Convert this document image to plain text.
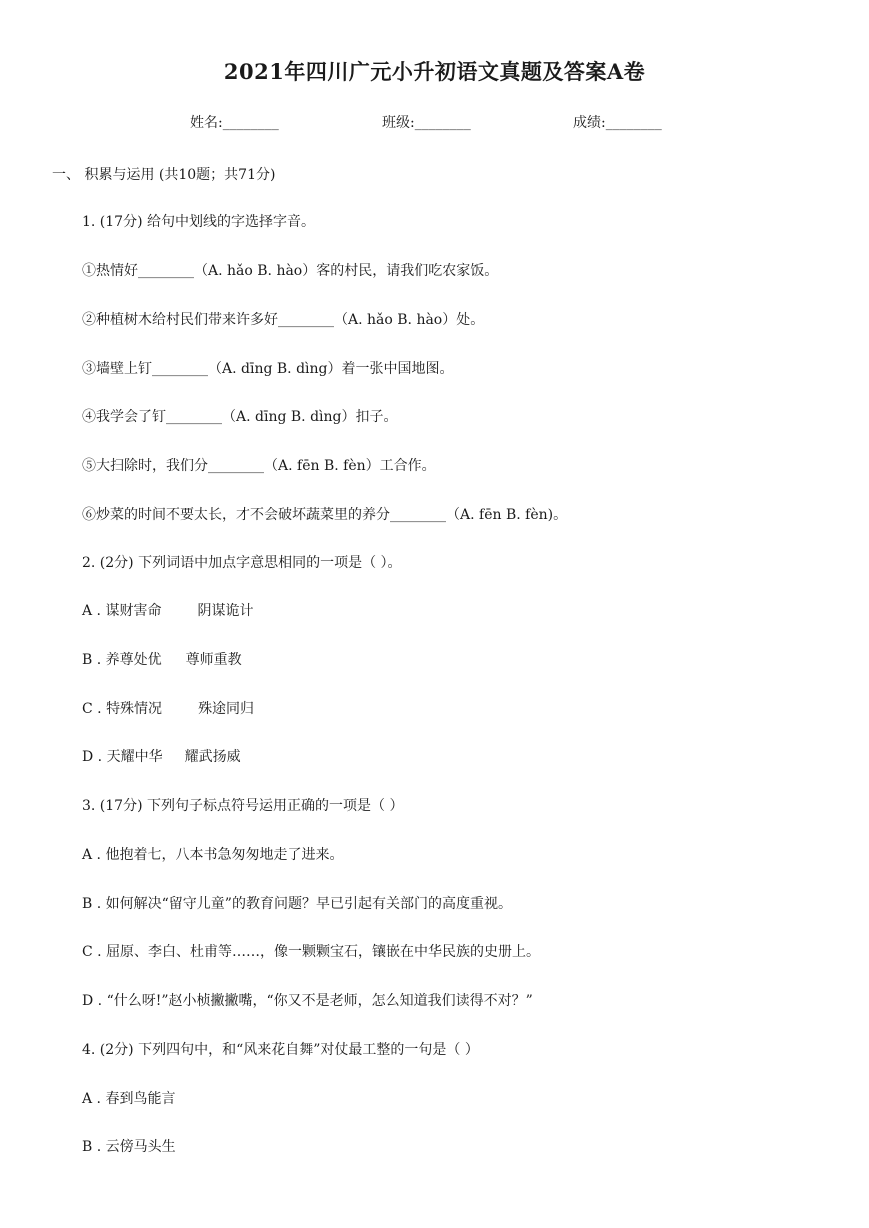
2021年四川广元小升初语文真题及答案A卷
姓名:________	班级:________	成绩:________
一、 积累与运用 (共10题；共71分)
1. (17分) 给句中划线的字选择字音。
①热情好________（A. hǎo B. hào）客的村民，请我们吃农家饭。
②种植树木给村民们带来许多好________（A. hǎo B. hào）处。
③墙壁上钉________（A. dīng B. dìng）着一张中国地图。
④我学会了钉________（A. dīng B. dìng）扣子。
⑤大扫除时，我们分________（A. fēn B. fèn）工合作。
⑥炒菜的时间不要太长，才不会破坏蔬菜里的养分________（A. fēn B. fèn)。
2. (2分) 下列词语中加点字意思相同的一项是（ ）。
A . 谋财害命	阴谋诡计
B . 养尊处优 尊师重教
C . 特殊情况	殊途同归
D . 天耀中华 耀武扬威
3. (17分) 下列句子标点符号运用正确的一项是（ ）
A . 他抱着七，八本书急匆匆地走了进来。
B . 如何解决“留守儿童”的教育问题？早已引起有关部门的高度重视。
C . 屈原、李白、杜甫等……，像一颗颗宝石，镶嵌在中华民族的史册上。
D . “什么呀!”赵小桢撇撇嘴，“你又不是老师，怎么知道我们读得不对？”
4. (2分) 下列四句中，和“风来花自舞”对仗最工整的一句是（ ）
A . 春到鸟能言
B . 云傍马头生
